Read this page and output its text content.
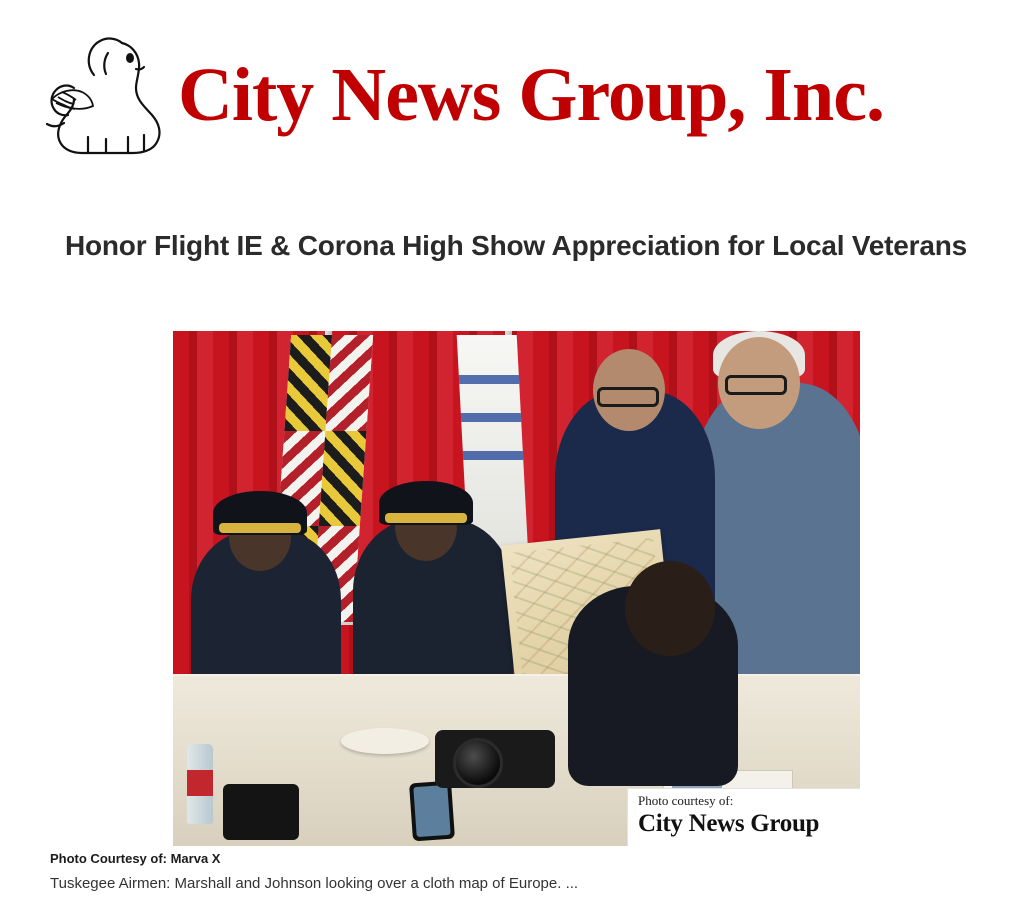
City News Group, Inc.
Honor Flight IE & Corona High Show Appreciation for Local Veterans
Photo courtesy of:
City News Group
Photo Courtesy of: Marva X
Tuskegee Airmen: Marshall and Johnson looking over a cloth map of Europe. ...
